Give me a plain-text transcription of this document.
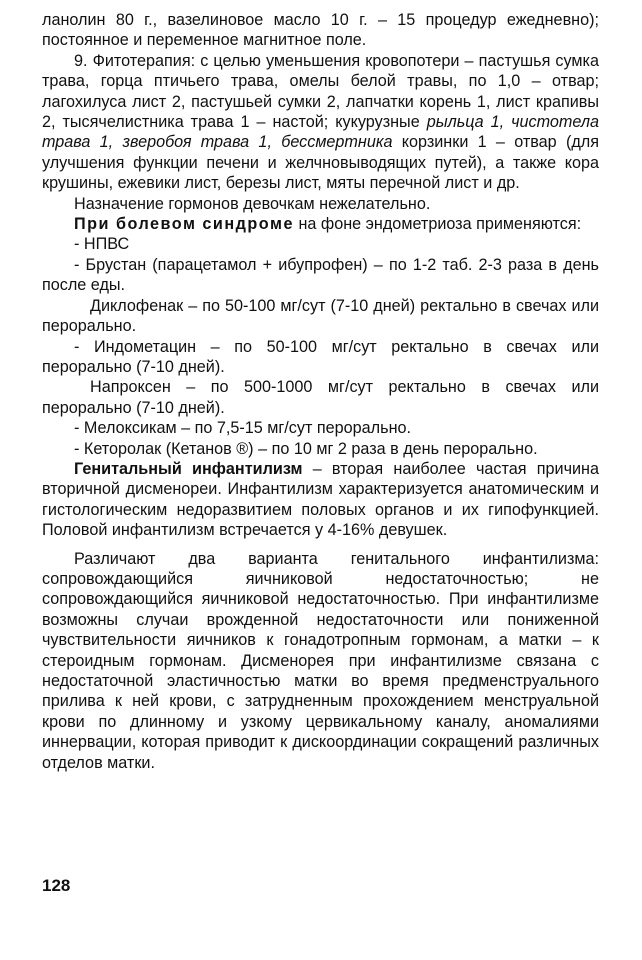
ланолин 80 г., вазелиновое масло 10 г. – 15 процедур ежедневно); постоянное и переменное магнитное поле.

9. Фитотерапия: с целью уменьшения кровопотери – пастушья сумка трава, горца птичьего трава, омелы белой травы, по 1,0 – отвар; лагохилуса лист 2, пастушьей сумки 2, лапчатки корень 1, лист крапивы 2, тысячелистника трава 1 – настой; кукурузные рыльца 1, чистотела трава 1, зверобоя трава 1, бессмертника корзинки 1 – отвар (для улучшения функции печени и желчновыводящих путей), а также кора крушины, ежевики лист, березы лист, мяты перечной лист и др.

Назначение гормонов девочкам нежелательно.

При болевом синдроме на фоне эндометриоза применяются:

- НПВС

- Брустан (парацетамол + ибупрофен) – по 1-2 таб. 2-3 раза в день после еды.

Диклофенак – по 50-100 мг/сут (7-10 дней) ректально в свечах или перорально.

- Индометацин – по 50-100 мг/сут ректально в свечах или перорально (7-10 дней).

Напроксен – по 500-1000 мг/сут ректально в свечах или перорально (7-10 дней).

- Мелоксикам – по 7,5-15 мг/сут перорально.

- Кеторолак (Кетанов ®) – по 10 мг 2 раза в день перорально.

Генитальный инфантилизм – вторая наиболее частая причина вторичной дисменореи. Инфантилизм характеризуется анатомическим и гистологическим недоразвитием половых органов и их гипофункцией. Половой инфантилизм встречается у 4-16% девушек.

Различают два варианта генитального инфантилизма: сопровождающийся яичниковой недостаточностью; не сопровождающийся яичниковой недостаточностью. При инфантилизме возможны случаи врожденной недостаточности или пониженной чувствительности яичников к гонадотропным гормонам, а матки – к стероидным гормонам. Дисменорея при инфантилизме связана с недостаточной эластичностью матки во время предменструального прилива к ней крови, с затрудненным прохождением менструальной крови по длинному и узкому цервикальному каналу, аномалиями иннервации, которая приводит к дискоординации сокращений различных отделов матки.

128
